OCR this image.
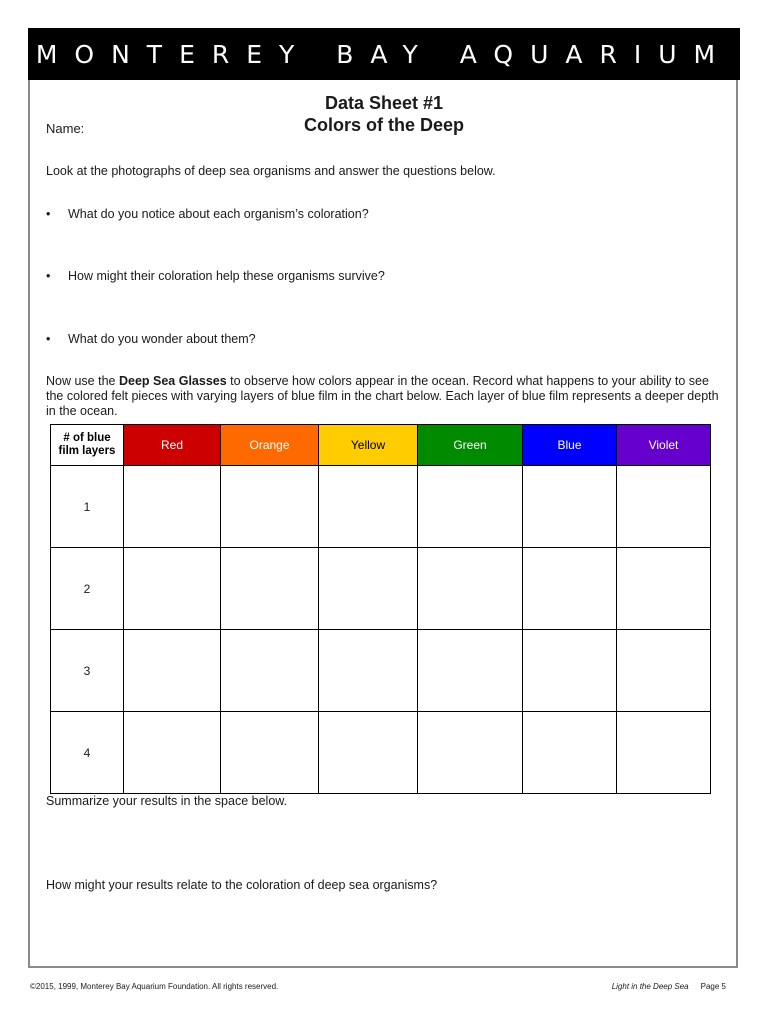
MONTEREY BAY AQUARIUM
Data Sheet #1
Colors of the Deep
Name:
Look at the photographs of deep sea organisms and answer the questions below.
•	What do you notice about each organism’s coloration?
•	How might their coloration help these organisms survive?
•	What do you wonder about them?
Now use the Deep Sea Glasses to observe how colors appear in the ocean. Record what happens to your ability to see the colored felt pieces with varying layers of blue film in the chart below. Each layer of blue film represents a deeper depth in the ocean.
# of blue film layers	Red	Orange	Yellow	Green	Blue	Violet
1						
2						
3						
4						
Summarize your results in the space below.
How might your results relate to the coloration of deep sea organisms?
©2015, 1999, Monterey Bay Aquarium Foundation. All rights reserved.	Light in the Deep Sea Page 5
